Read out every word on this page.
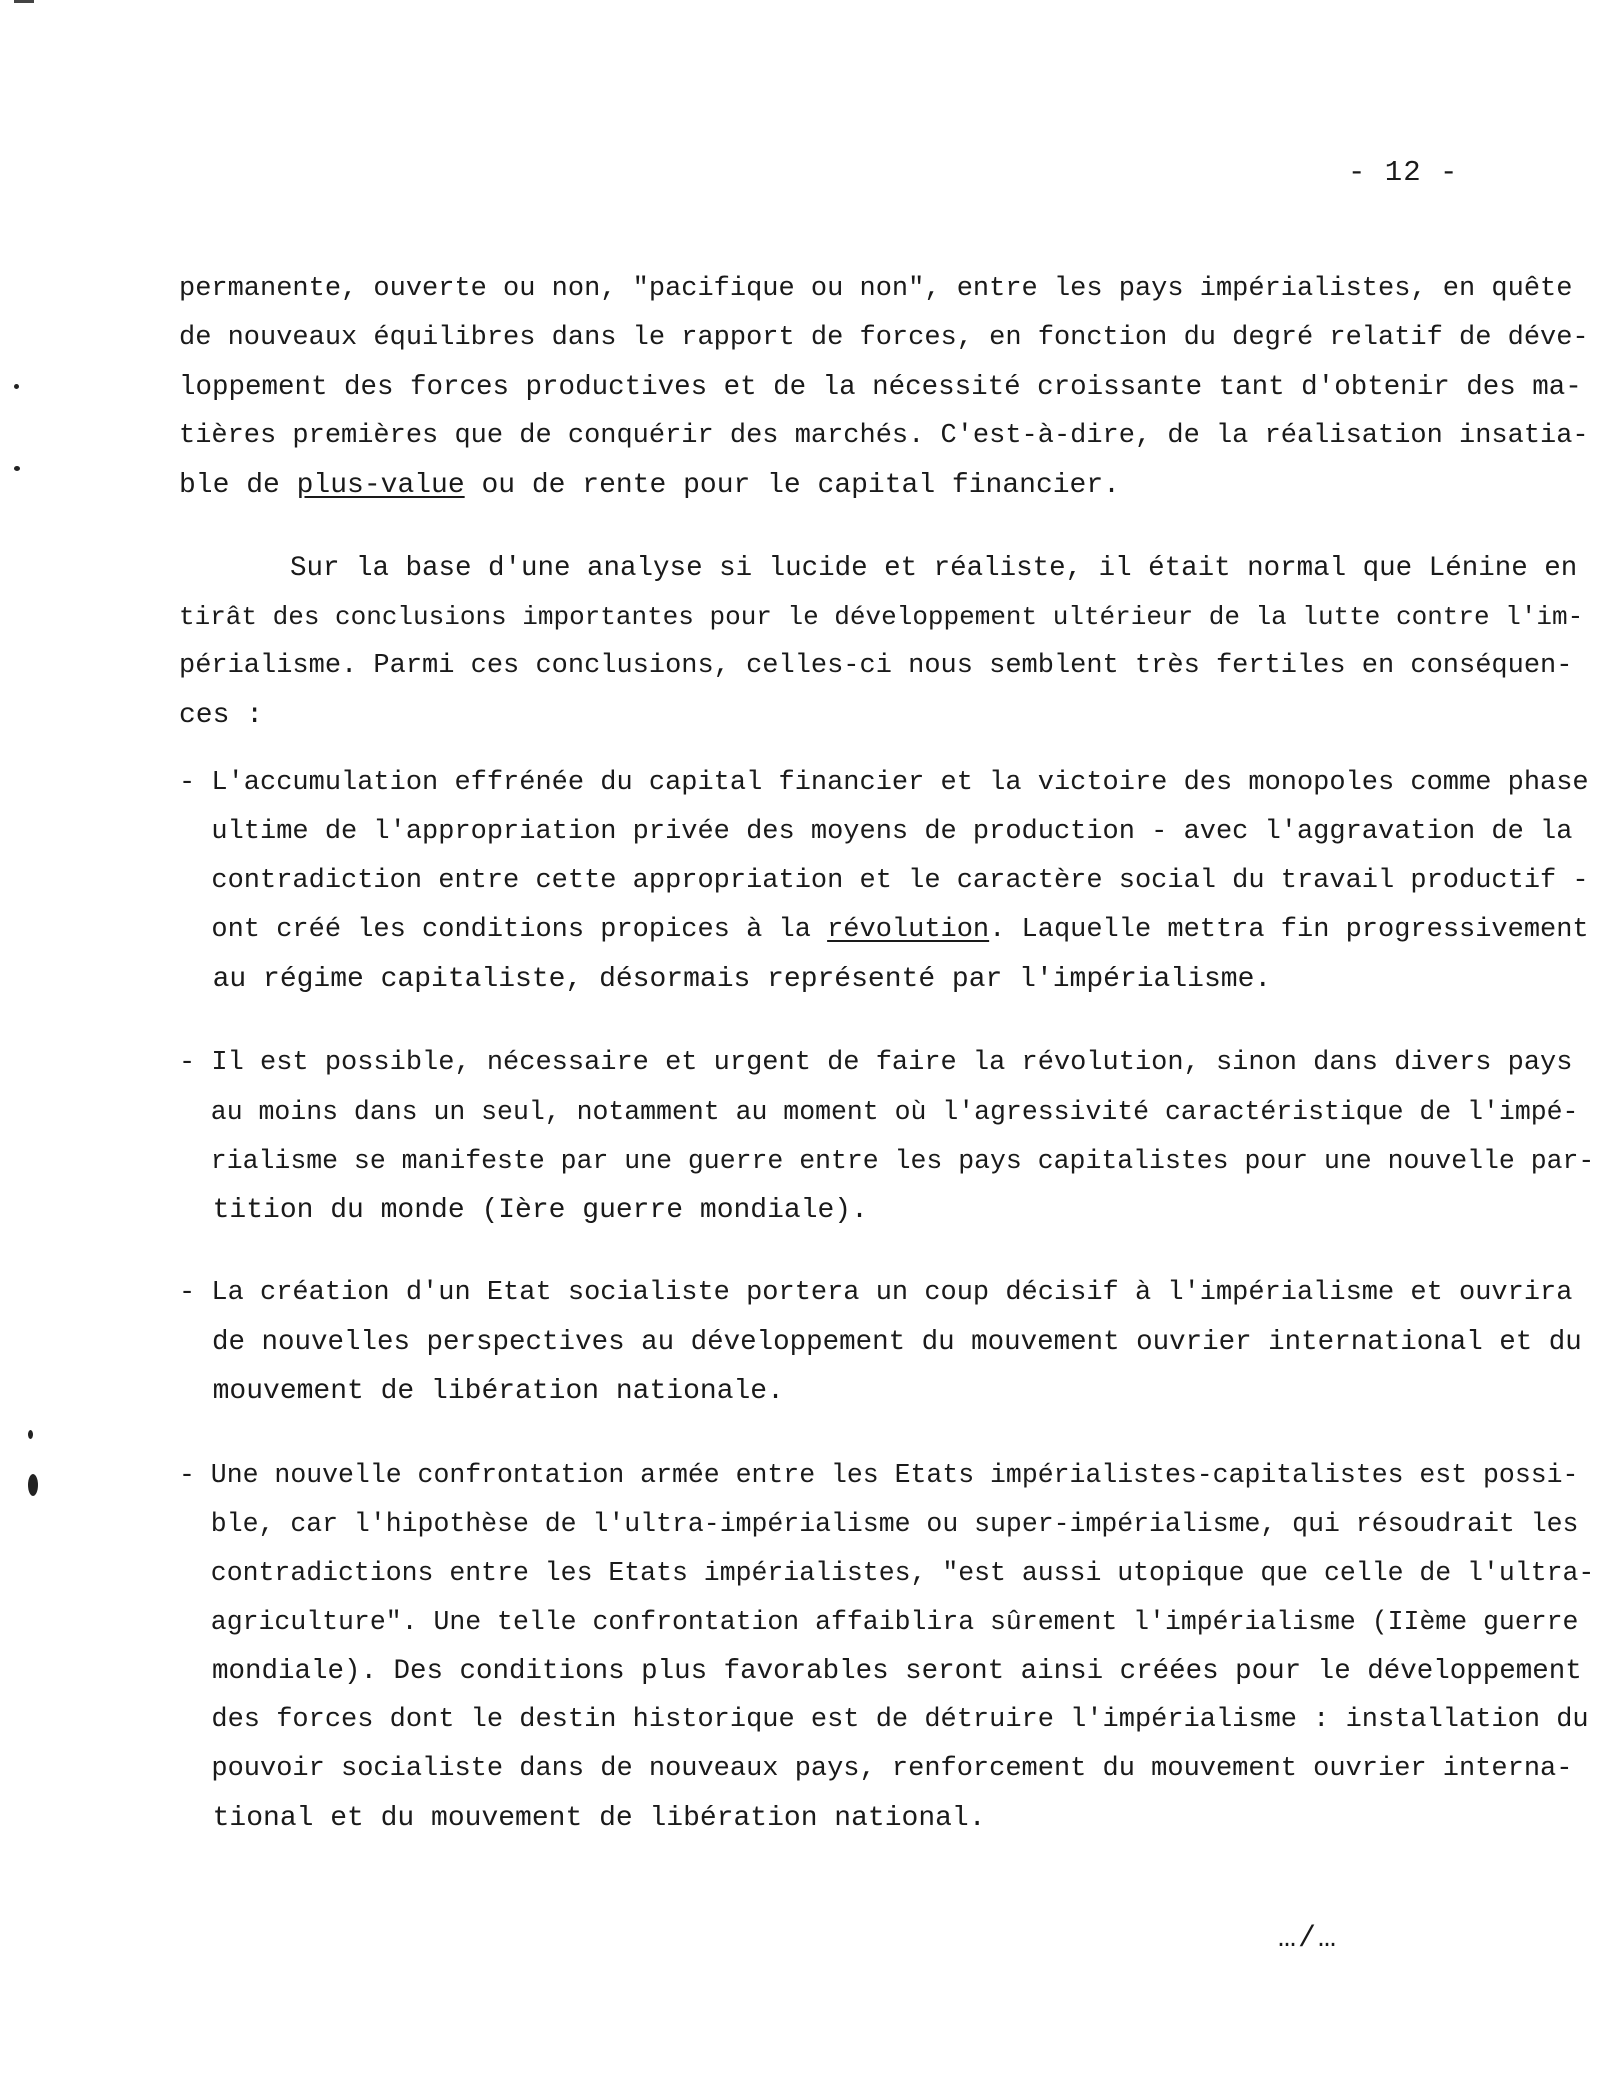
- 12 -
permanente, ouverte ou non, "pacifique ou non", entre les pays impérialistes, en quête
de nouveaux équilibres dans le rapport de forces, en fonction du degré relatif de déve-
loppement des forces productives et de la nécessité croissante tant d'obtenir des ma-
tières premières que de conquérir des marchés. C'est-à-dire, de la réalisation insatia-
ble de plus-value ou de rente pour le capital financier.
Sur la base d'une analyse si lucide et réaliste, il était normal que Lénine en
tirât des conclusions importantes pour le développement ultérieur de la lutte contre l'im-
périalisme. Parmi ces conclusions, celles-ci nous semblent très fertiles en conséquen-
ces :
- L'accumulation effrénée du capital financier et la victoire des monopoles comme phase
ultime de l'appropriation privée des moyens de production - avec l'aggravation de la
contradiction entre cette appropriation et le caractère social du travail productif -
ont créé les conditions propices à la révolution. Laquelle mettra fin progressivement
au régime capitaliste, désormais représenté par l'impérialisme.
- Il est possible, nécessaire et urgent de faire la révolution, sinon dans divers pays
au moins dans un seul, notamment au moment où l'agressivité caractéristique de l'impé-
rialisme se manifeste par une guerre entre les pays capitalistes pour une nouvelle par-
tition du monde (Ière guerre mondiale).
- La création d'un Etat socialiste portera un coup décisif à l'impérialisme et ouvrira
de nouvelles perspectives au développement du mouvement ouvrier international et du
mouvement de libération nationale.
- Une nouvelle confrontation armée entre les Etats impérialistes-capitalistes est possi-
ble, car l'hipothèse de l'ultra-impérialisme ou super-impérialisme, qui résoudrait les
contradictions entre les Etats impérialistes, "est aussi utopique que celle de l'ultra-
agriculture". Une telle confrontation affaiblira sûrement l'impérialisme (IIème guerre
mondiale). Des conditions plus favorables seront ainsi créées pour le développement
des forces dont le destin historique est de détruire l'impérialisme : installation du
pouvoir socialiste dans de nouveaux pays, renforcement du mouvement ouvrier interna-
tional et du mouvement de libération national.
…/…
